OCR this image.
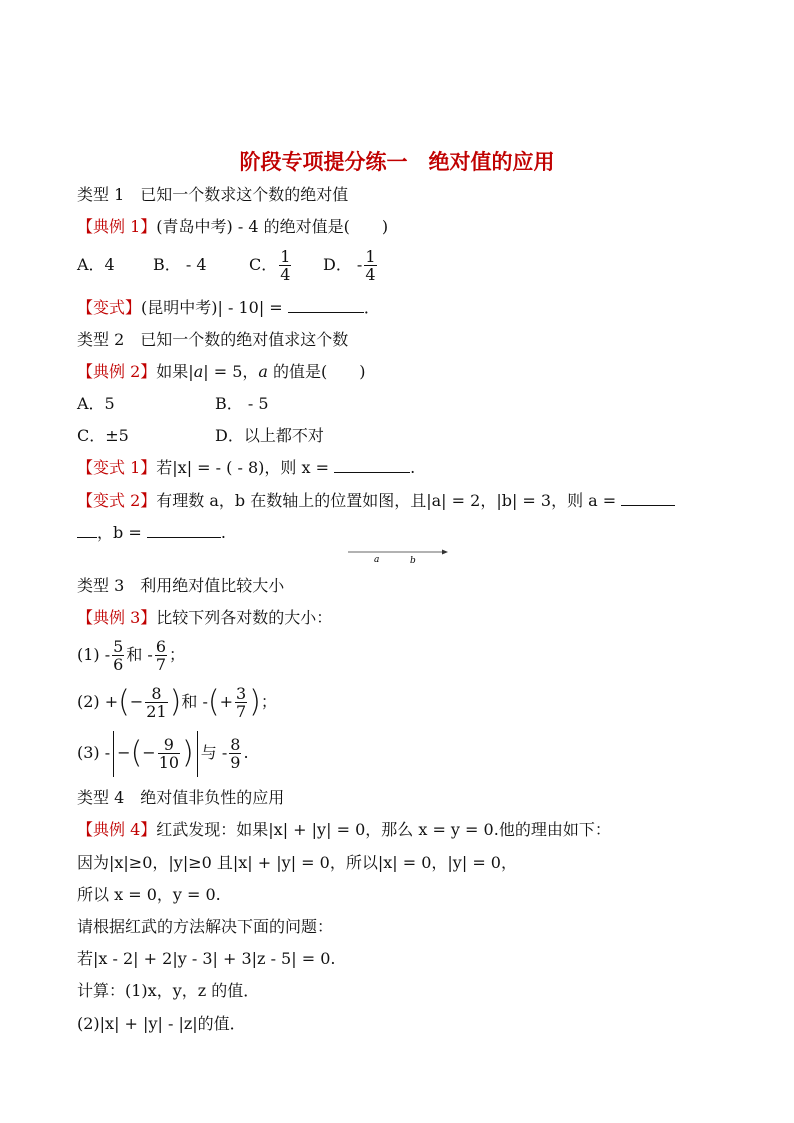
阶段专项提分练一　绝对值的应用
类型 1　已知一个数求这个数的绝对值
【典例 1】(青岛中考) - 4 的绝对值是(　　)
A．4 B． - 4	C． $\frac{1}{4}$ D． - $\frac{1}{4}$
【变式】(昆明中考)| - 10| =	．
类型 2　已知一个数的绝对值求这个数
【典例 2】如果|a| = 5，a 的值是(　　)
A．5	B． - 5
C．±5	D．以上都不对
【变式 1】若|x| = - ( - 8)，则 x =	.
【变式 2】有理数 a，b 在数轴上的位置如图，且|a| = 2，|b| = 3，则 a =
，b =	.
a	b
类型 3　利用绝对值比较大小
【典例 3】比较下列各对数的大小：
$(1) - \frac{5}{6}$ 和 - $\frac{6}{7}$ ；
(2) +(− $\frac{8}{21}$ )和 -(+ $\frac{3}{7}$ )；
(3) - −(− $\frac{9}{10}$ ) 与 - $\frac{8}{9}$ .
类型 4　绝对值非负性的应用
【典例 4】红武发现：如果|x| + |y| = 0，那么 x = y = 0.他的理由如下：
因为|x|≥0，|y|≥0 且|x| + |y| = 0，所以|x| = 0，|y| = 0，
所以 x = 0，y = 0.
请根据红武的方法解决下面的问题：
若|x - 2| + 2|y - 3| + 3|z - 5| = 0.
计算：(1)x，y，z 的值．
(2)|x| + |y| - |z|的值．
